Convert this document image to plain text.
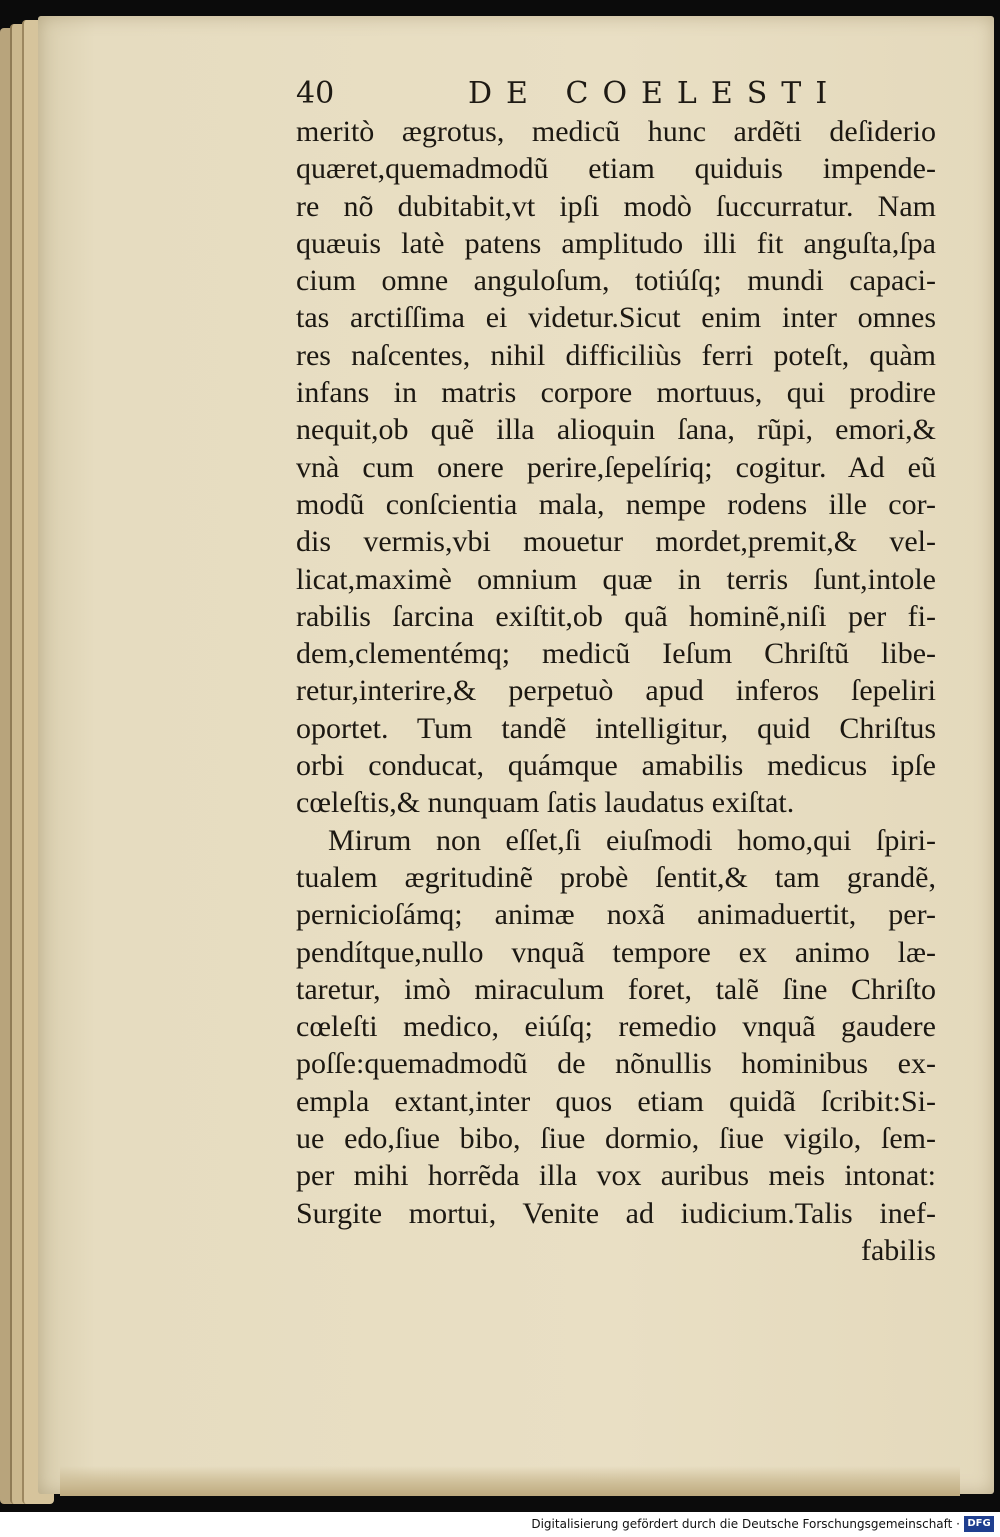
40	DE COELESTI
meritò ægrotus, medicũ hunc ardẽti deſiderio
quæret,quemadmodũ etiam quiduis impende-
re nõ dubitabit,vt ipſi modò ſuccurratur. Nam
quæuis latè patens amplitudo illi fit anguſta,ſpa
cium omne anguloſum, totiúſq; mundi capaci-
tas arctiſſima ei videtur.Sicut enim inter omnes
res naſcentes, nihil difficiliùs ferri poteſt, quàm
infans in matris corpore mortuus, qui prodire
nequit,ob quẽ illa alioquin ſana, rũpi, emori,&
vnà cum onere perire,ſepelíriq; cogitur. Ad eũ
modũ conſcientia mala, nempe rodens ille cor-
dis vermis,vbi mouetur mordet,premit,& vel-
licat,maximè omnium quæ in terris ſunt,intole
rabilis ſarcina exiſtit,ob quã hominẽ,niſi per fi-
dem,clementémq; medicũ Ieſum Chriſtũ libe-
retur,interire,& perpetuò apud inferos ſepeliri
oportet. Tum tandẽ intelligitur, quid Chriſtus
orbi conducat, quámque amabilis medicus ipſe
cœleſtis,& nunquam ſatis laudatus exiſtat.
Mirum non eſſet,ſi eiuſmodi homo,qui ſpiri-
tualem ægritudinẽ probè ſentit,& tam grandẽ,
pernicioſámq; animæ noxã animaduertit, per-
pendítque,nullo vnquã tempore ex animo læ-
taretur, imò miraculum foret, talẽ ſine Chriſto
cœleſti medico, eiúſq; remedio vnquã gaudere
poſſe:quemadmodũ de nõnullis hominibus ex-
empla extant,inter quos etiam quidã ſcribit:Si-
ue edo,ſiue bibo, ſiue dormio, ſiue vigilo, ſem-
per mihi horrẽda illa vox auribus meis intonat:
Surgite mortui, Venite ad iudicium.Talis inef-
fabilis
Digitalisierung gefördert durch die Deutsche Forschungsgemeinschaft · DFG
